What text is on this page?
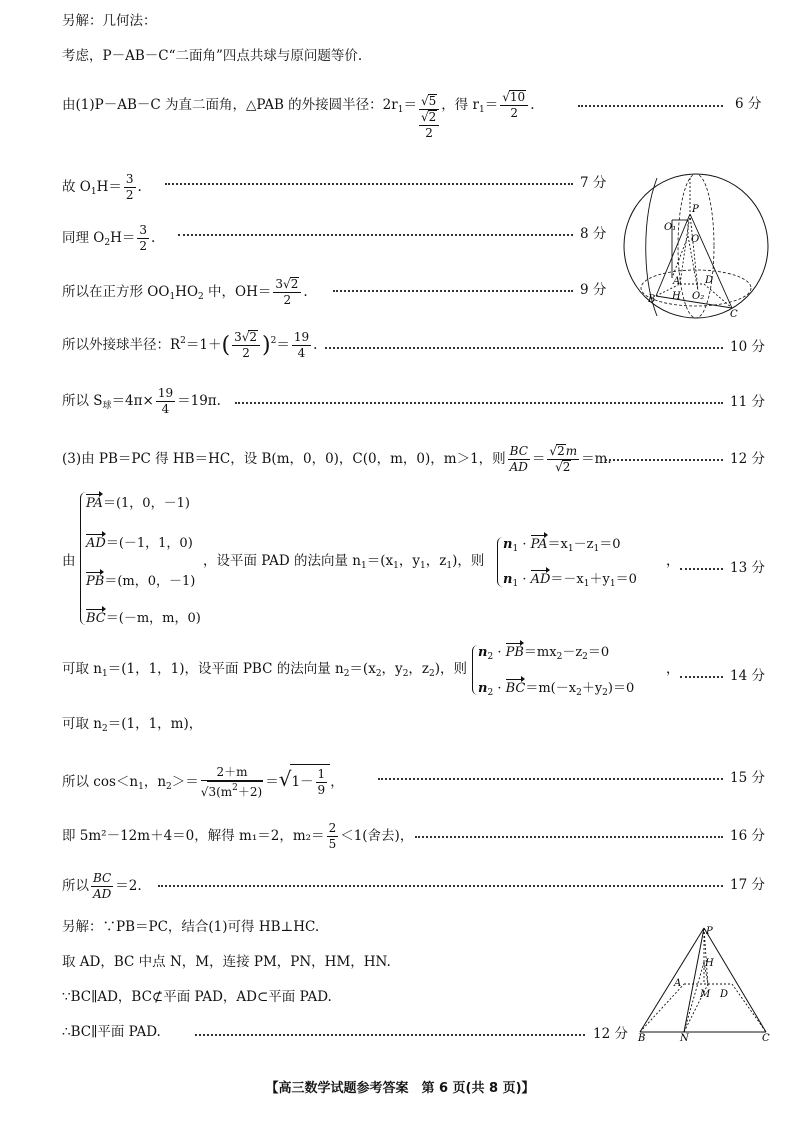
另解：几何法：
考虑，P－AB－C“二面角”四点共球与原问题等价.
由(1)P－AB－C 为直二面角，△PAB 的外接圆半径：$2r_1= \frac{√5}{\frac{√2}{2}}$ ，得 $r_1= \frac{√10}{2}$ .	6 分
故 $O_1H= \frac{3}{2}$ .	7 分
同理 $O_2H= \frac{3}{2}$ .	8 分
所以在正方形 $OO_1HO_2$ 中，$OH= \frac{3√2}{2}$ .	9 分
所以外接球半径：$R^2=1+( \frac{3√2}{2} )^2= \frac{19}{4}$ .	10 分
所以 $S_球=4\pi\times \frac{19}{4} =19\pi$.	11 分
(3)由 PB＝PC 得 HB＝HC，设 B(m，0，0)，C(0，m，0)，m＞1，则 $\frac{BC}{AD} = \frac{√2m}{√2} =m$.	12 分
由
PA＝(1，0，－1)
AD＝(－1，1，0)
PB＝(m，0，－1)
BC＝(－m，m，0)
，设平面 PAD 的法向量 $n_1=(x_1$，$y_1$，$z_1$)，则
$n_1 \cdot PA=x_1-z_1=0$
$n_1 \cdot AD=-x_1+y_1=0$
，	13 分
可取 $n_1=(1$，1，1)，设平面 PBC 的法向量 $n_2=(x_2$，$y_2$，$z_2$)，则
$n_2 \cdot PB=mx_2-z_2=0$
$n_2 \cdot BC=m(-x_2+y_2)=0$
，	14 分
可取 $n_2=(1$，1，m)，
所以 $\cos<n_1$，$n_2>= \frac{2+m}{√3(m^2+2)} =√1- \frac{1}{9}$ ，	15 分
即 5m²－12m＋4＝0，解得 m₁＝2，$m_2= \frac{2}{5} <1$(舍去)，	16 分
所以 $\frac{BC}{AD} =2$.	17 分
另解：∵PB＝PC，结合(1)可得 HB⊥HC.
取 AD，BC 中点 N，M，连接 PM，PN，HM，HN.
∵BC∥AD，BC⊄平面 PAD，AD⊂平面 PAD.
∴BC∥平面 PAD.	12 分
P
O₁
O
A D
H O₂
B
C
P
H
A
M D
B	N	C
【高三数学试题参考答案　第 6 页(共 8 页)】
